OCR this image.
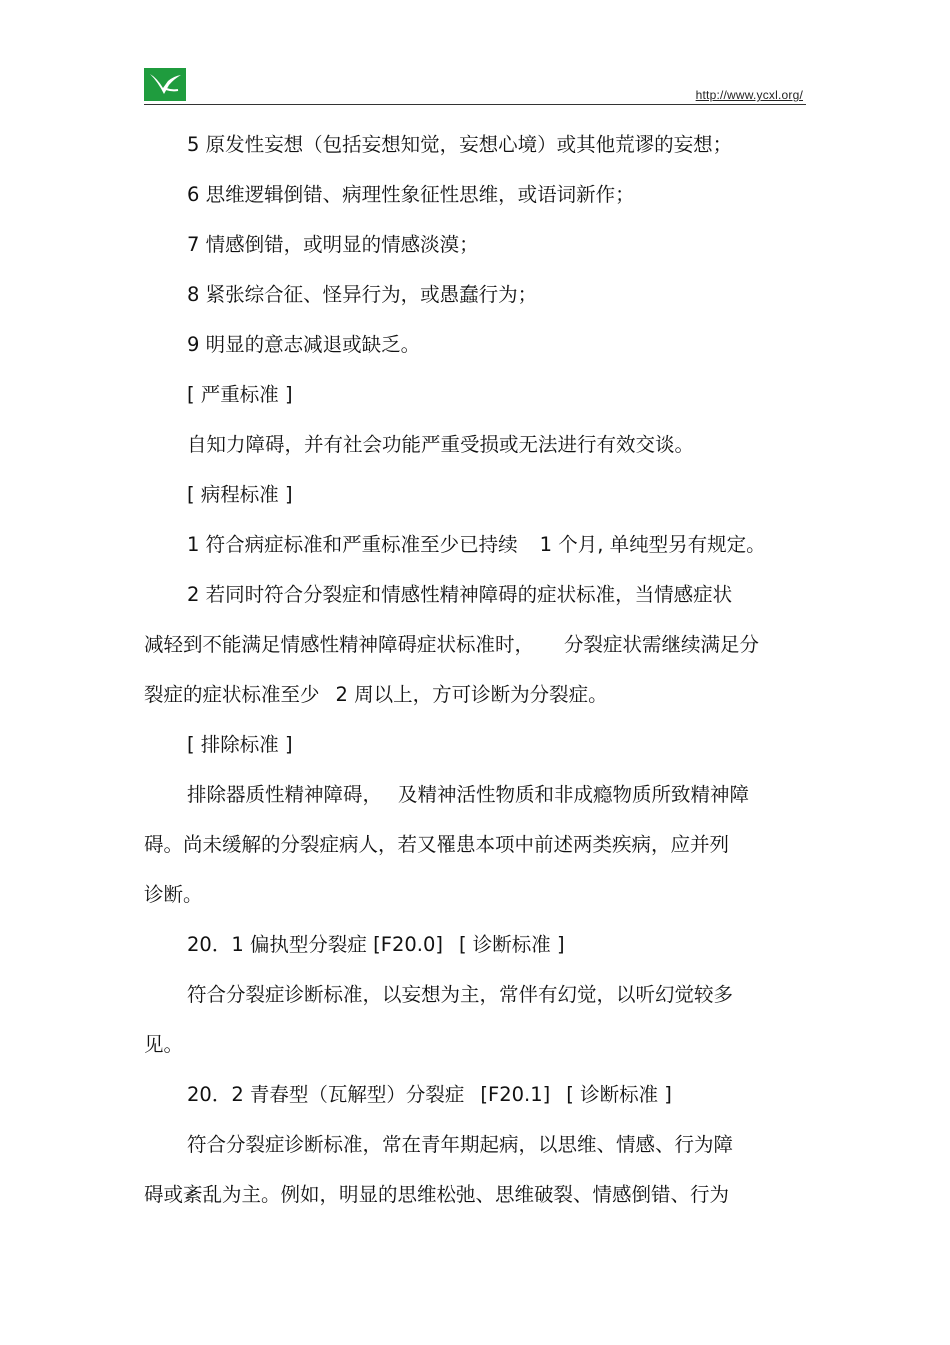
http://www.ycxl.org/

5 原发性妄想（包括妄想知觉，妄想心境）或其他荒谬的妄想；

6 思维逻辑倒错、病理性象征性思维，或语词新作；

7 情感倒错，或明显的情感淡漠；

8 紧张综合征、怪异行为，或愚蠢行为；

9 明显的意志减退或缺乏。

[ 严重标准 ]

自知力障碍，并有社会功能严重受损或无法进行有效交谈。

[ 病程标准 ]

1 符合病症标准和严重标准至少已持续 1 个月, 单纯型另有规定。

2 若同时符合分裂症和情感性精神障碍的症状标准，当情感症状

减轻到不能满足情感性精神障碍症状标准时， 分裂症状需继续满足分

裂症的症状标准至少 2 周以上，方可诊断为分裂症。

[ 排除标准 ]

排除器质性精神障碍， 及精神活性物质和非成瘾物质所致精神障

碍。尚未缓解的分裂症病人，若又罹患本项中前述两类疾病，应并列

诊断。

20．1 偏执型分裂症 [F20.0] [ 诊断标准 ]

符合分裂症诊断标准，以妄想为主，常伴有幻觉，以听幻觉较多

见。

20．2 青春型（瓦解型）分裂症 [F20.1] [ 诊断标准 ]

符合分裂症诊断标准，常在青年期起病，以思维、情感、行为障

碍或紊乱为主。例如，明显的思维松弛、思维破裂、情感倒错、行为
